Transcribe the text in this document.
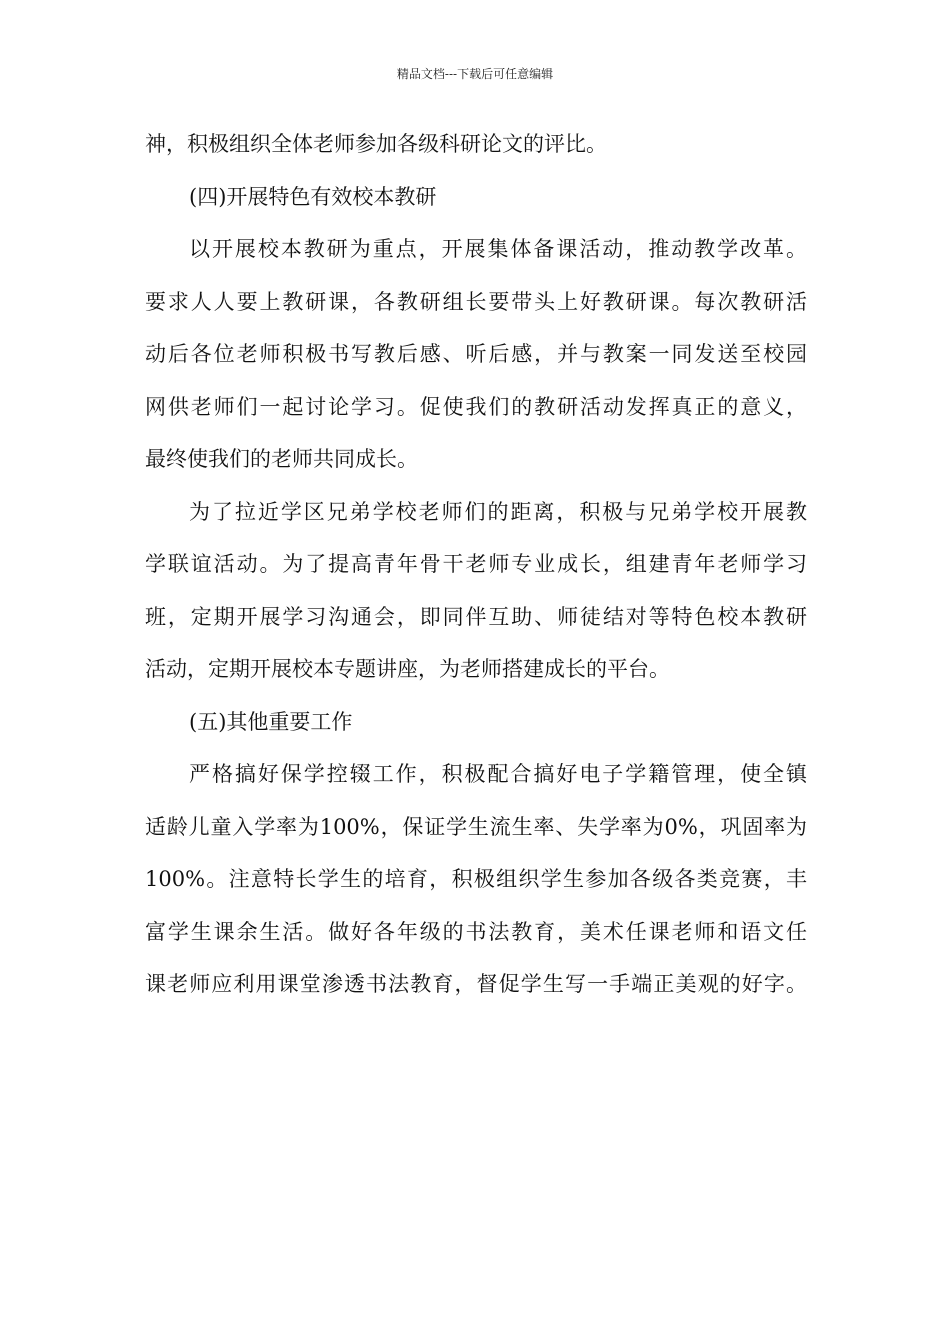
精品文档---下载后可任意编辑
神，积极组织全体老师参加各级科研论文的评比。
(四)开展特色有效校本教研
以开展校本教研为重点，开展集体备课活动，推动教学改革。
要求人人要上教研课，各教研组长要带头上好教研课。每次教研活
动后各位老师积极书写教后感、听后感，并与教案一同发送至校园
网供老师们一起讨论学习。促使我们的教研活动发挥真正的意义，
最终使我们的老师共同成长。
为了拉近学区兄弟学校老师们的距离，积极与兄弟学校开展教
学联谊活动。为了提高青年骨干老师专业成长，组建青年老师学习
班，定期开展学习沟通会，即同伴互助、师徒结对等特色校本教研
活动，定期开展校本专题讲座，为老师搭建成长的平台。
(五)其他重要工作
严格搞好保学控辍工作，积极配合搞好电子学籍管理，使全镇
适龄儿童入学率为100%，保证学生流生率、失学率为0%，巩固率为
100%。注意特长学生的培育，积极组织学生参加各级各类竞赛，丰
富学生课余生活。做好各年级的书法教育，美术任课老师和语文任
课老师应利用课堂渗透书法教育，督促学生写一手端正美观的好字。
